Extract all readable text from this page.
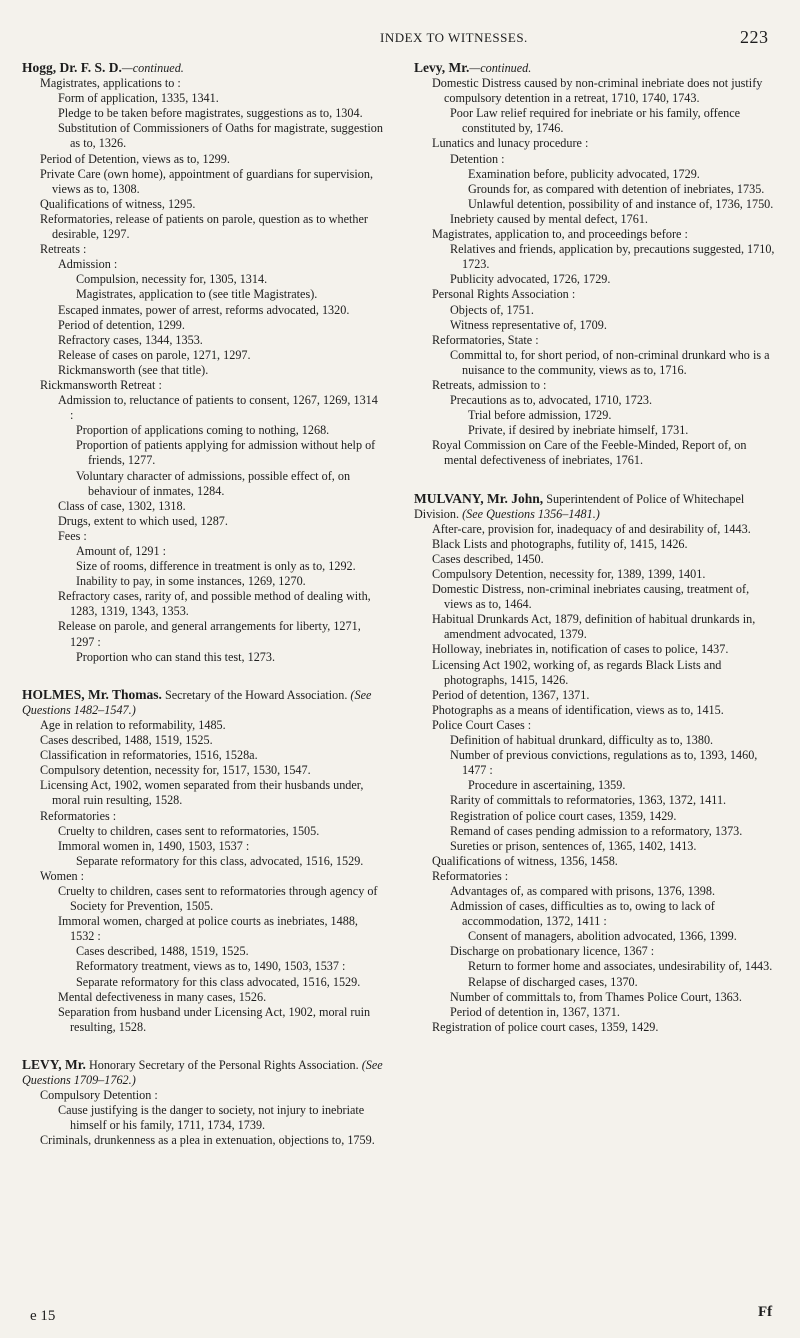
INDEX TO WITNESSES.	223

Hogg, Dr. F. S. D.—continued.

Magistrates, applications to :

Form of application, 1335, 1341.

Pledge to be taken before magistrates, suggestions as to, 1304.

Substitution of Commissioners of Oaths for magistrate, suggestion as to, 1326.

Period of Detention, views as to, 1299.

Private Care (own home), appointment of guardians for supervision, views as to, 1308.

Qualifications of witness, 1295.

Reformatories, release of patients on parole, question as to whether desirable, 1297.

Retreats :

Admission :

Compulsion, necessity for, 1305, 1314.

Magistrates, application to (see title Magistrates).

Escaped inmates, power of arrest, reforms advocated, 1320.

Period of detention, 1299.

Refractory cases, 1344, 1353.

Release of cases on parole, 1271, 1297.

Rickmansworth (see that title).

Rickmansworth Retreat :

Admission to, reluctance of patients to consent, 1267, 1269, 1314 :

Proportion of applications coming to nothing, 1268.

Proportion of patients applying for admission without help of friends, 1277.

Voluntary character of admissions, possible effect of, on behaviour of inmates, 1284.

Class of case, 1302, 1318.

Drugs, extent to which used, 1287.

Fees :

Amount of, 1291 :

Size of rooms, difference in treatment is only as to, 1292.

Inability to pay, in some instances, 1269, 1270.

Refractory cases, rarity of, and possible method of dealing with, 1283, 1319, 1343, 1353.

Release on parole, and general arrangements for liberty, 1271, 1297 :

Proportion who can stand this test, 1273.

HOLMES, Mr. Thomas. Secretary of the Howard Association. (See Questions 1482–1547.)

Age in relation to reformability, 1485.

Cases described, 1488, 1519, 1525.

Classification in reformatories, 1516, 1528a.

Compulsory detention, necessity for, 1517, 1530, 1547.

Licensing Act, 1902, women separated from their husbands under, moral ruin resulting, 1528.

Reformatories :

Cruelty to children, cases sent to reformatories, 1505.

Immoral women in, 1490, 1503, 1537 :

Separate reformatory for this class, advocated, 1516, 1529.

Women :

Cruelty to children, cases sent to reformatories through agency of Society for Prevention, 1505.

Immoral women, charged at police courts as inebriates, 1488, 1532 :

Cases described, 1488, 1519, 1525.

Reformatory treatment, views as to, 1490, 1503, 1537 :

Separate reformatory for this class advocated, 1516, 1529.

Mental defectiveness in many cases, 1526.

Separation from husband under Licensing Act, 1902, moral ruin resulting, 1528.

LEVY, Mr. Honorary Secretary of the Personal Rights Association. (See Questions 1709–1762.)

Compulsory Detention :

Cause justifying is the danger to society, not injury to inebriate himself or his family, 1711, 1734, 1739.

Criminals, drunkenness as a plea in extenuation, objections to, 1759.

Levy, Mr.—continued.

Domestic Distress caused by non-criminal inebriate does not justify compulsory detention in a retreat, 1710, 1740, 1743.

Poor Law relief required for inebriate or his family, offence constituted by, 1746.

Lunatics and lunacy procedure :

Detention :

Examination before, publicity advocated, 1729.

Grounds for, as compared with detention of inebriates, 1735.

Unlawful detention, possibility of and instance of, 1736, 1750.

Inebriety caused by mental defect, 1761.

Magistrates, application to, and proceedings before :

Relatives and friends, application by, precautions suggested, 1710, 1723.

Publicity advocated, 1726, 1729.

Personal Rights Association :

Objects of, 1751.

Witness representative of, 1709.

Reformatories, State :

Committal to, for short period, of non-criminal drunkard who is a nuisance to the community, views as to, 1716.

Retreats, admission to :

Precautions as to, advocated, 1710, 1723.

Trial before admission, 1729.

Private, if desired by inebriate himself, 1731.

Royal Commission on Care of the Feeble-Minded, Report of, on mental defectiveness of inebriates, 1761.

MULVANY, Mr. John, Superintendent of Police of Whitechapel Division. (See Questions 1356–1481.)

After-care, provision for, inadequacy of and desirability of, 1443.

Black Lists and photographs, futility of, 1415, 1426.

Cases described, 1450.

Compulsory Detention, necessity for, 1389, 1399, 1401.

Domestic Distress, non-criminal inebriates causing, treatment of, views as to, 1464.

Habitual Drunkards Act, 1879, definition of habitual drunkards in, amendment advocated, 1379.

Holloway, inebriates in, notification of cases to police, 1437.

Licensing Act 1902, working of, as regards Black Lists and photographs, 1415, 1426.

Period of detention, 1367, 1371.

Photographs as a means of identification, views as to, 1415.

Police Court Cases :

Definition of habitual drunkard, difficulty as to, 1380.

Number of previous convictions, regulations as to, 1393, 1460, 1477 :

Procedure in ascertaining, 1359.

Rarity of committals to reformatories, 1363, 1372, 1411.

Registration of police court cases, 1359, 1429.

Remand of cases pending admission to a reformatory, 1373.

Sureties or prison, sentences of, 1365, 1402, 1413.

Qualifications of witness, 1356, 1458.

Reformatories :

Advantages of, as compared with prisons, 1376, 1398.

Admission of cases, difficulties as to, owing to lack of accommodation, 1372, 1411 :

Consent of managers, abolition advocated, 1366, 1399.

Discharge on probationary licence, 1367 :

Return to former home and associates, undesirability of, 1443.

Relapse of discharged cases, 1370.

Number of committals to, from Thames Police Court, 1363.

Period of detention in, 1367, 1371.

Registration of police court cases, 1359, 1429.

e 15	Ff
